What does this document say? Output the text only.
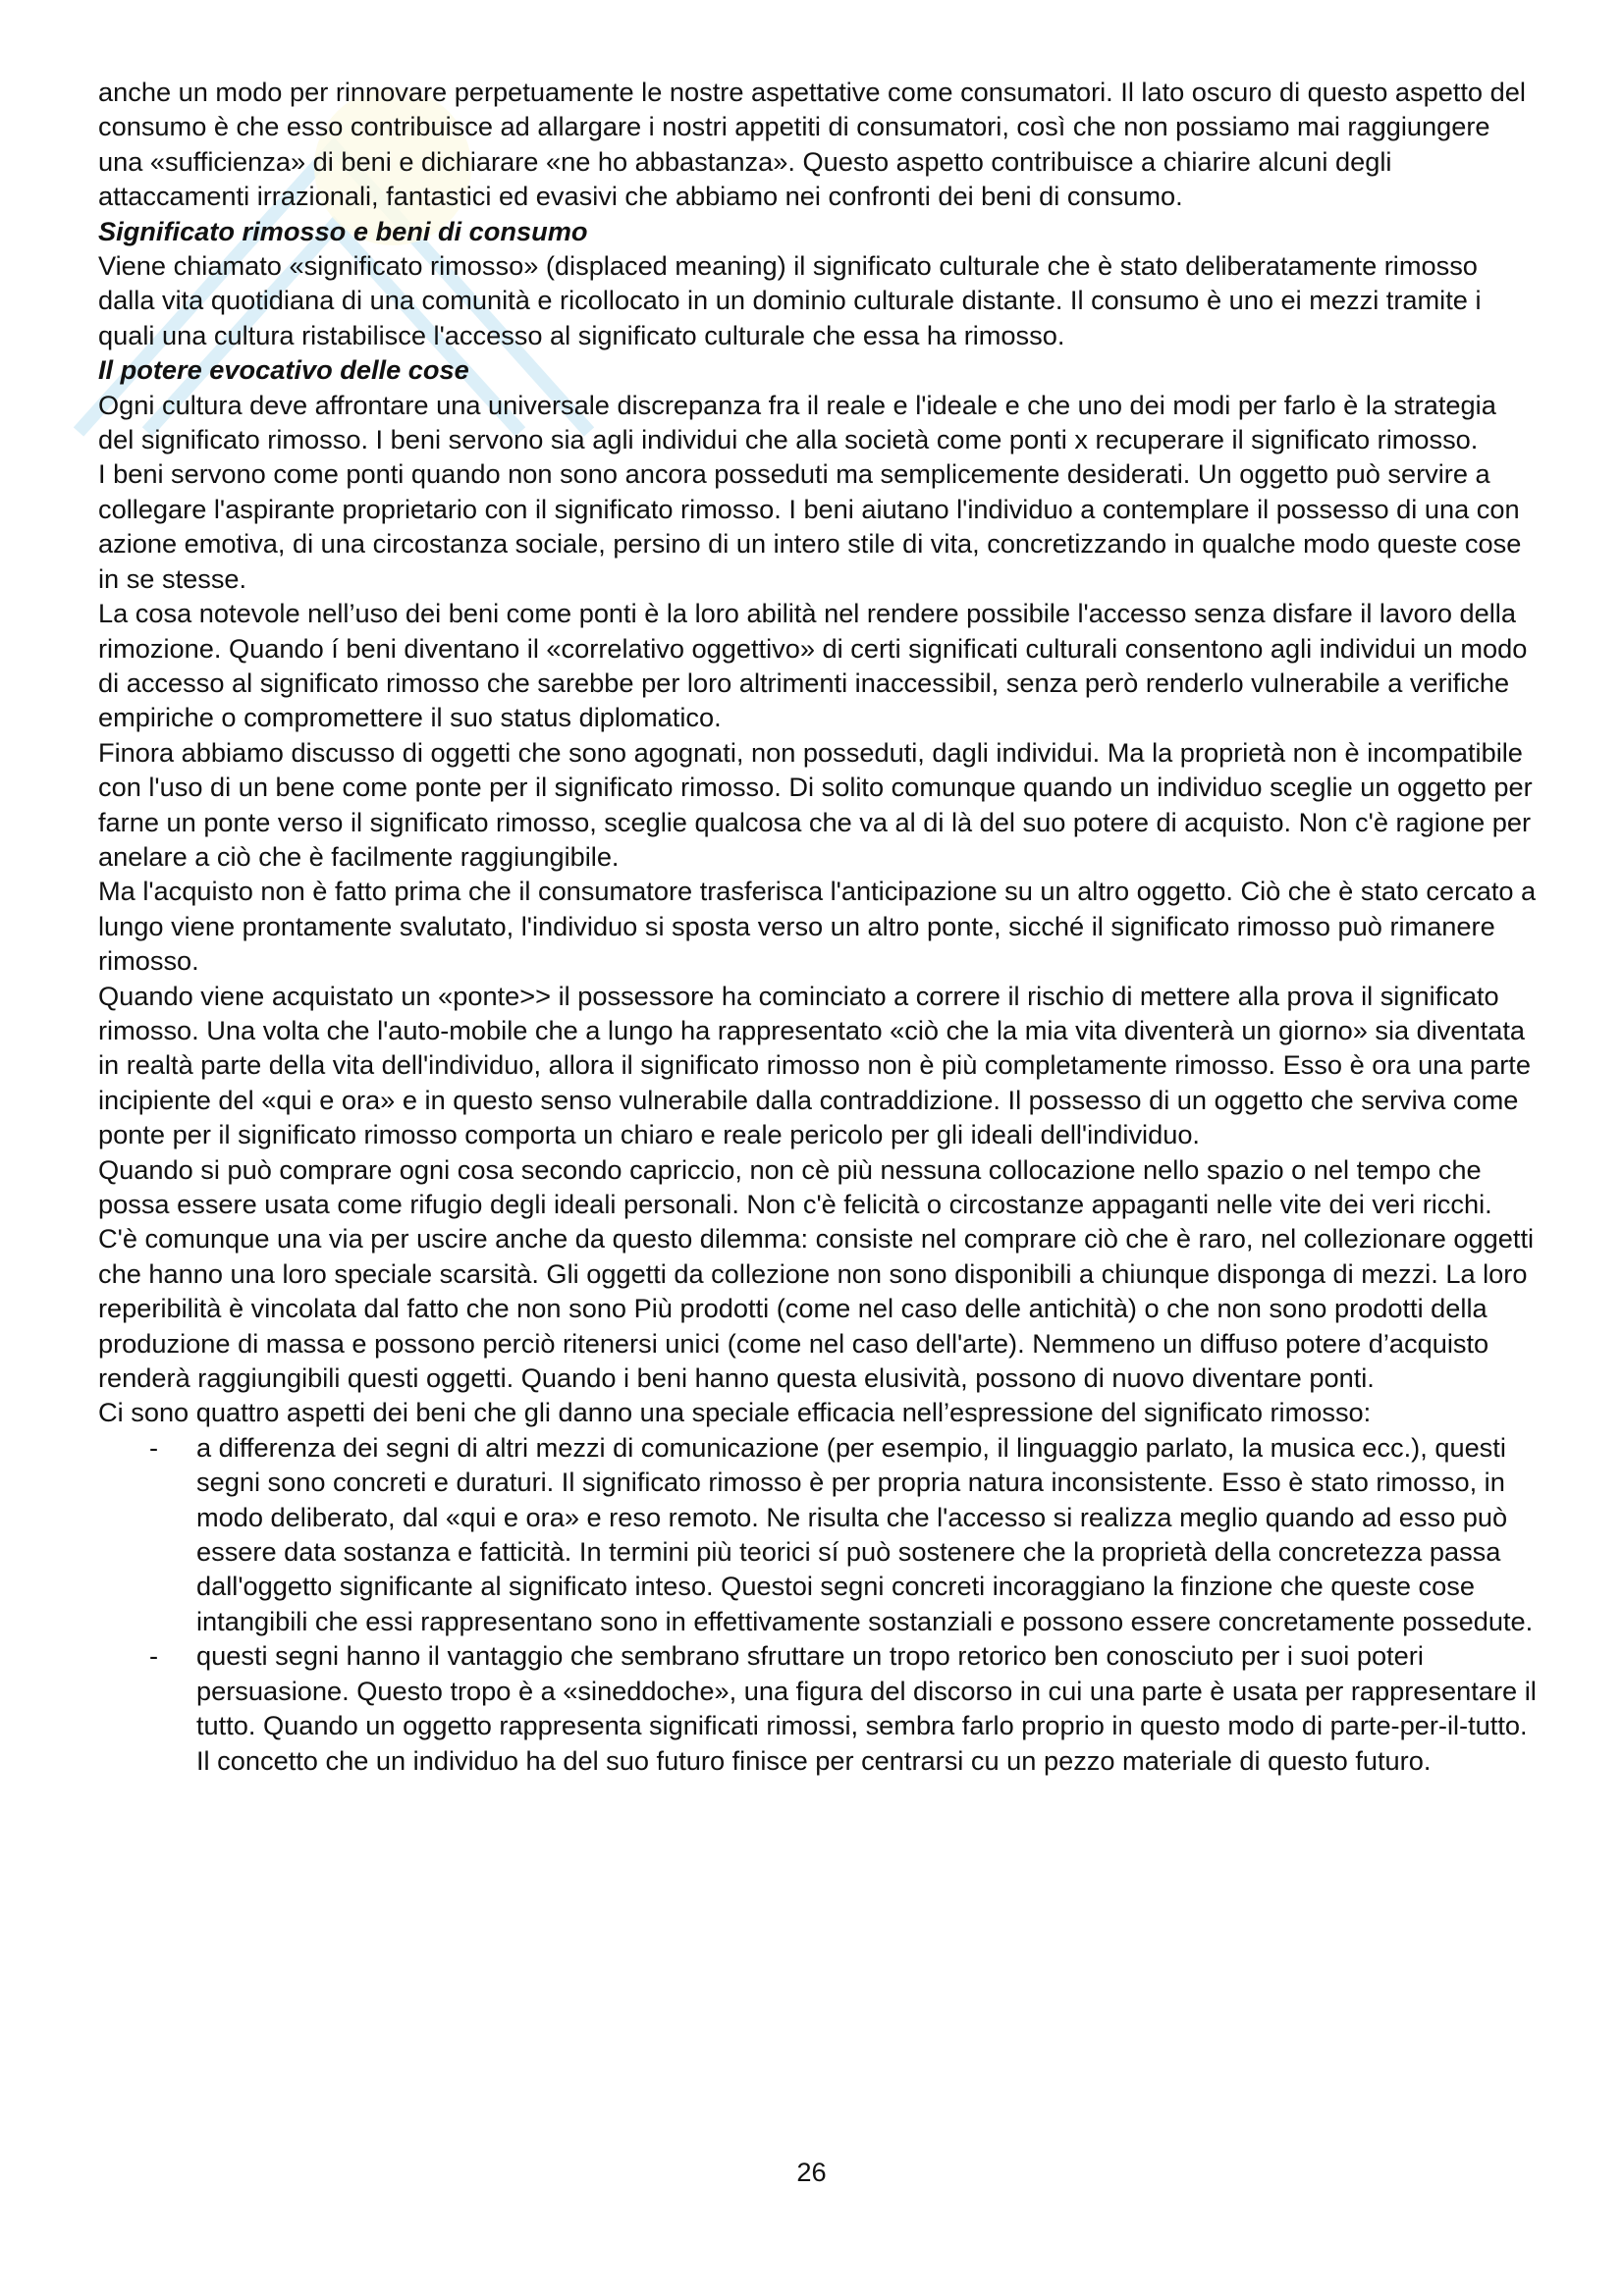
anche un modo per rinnovare perpetuamente le nostre aspettative come consumatori. Il lato oscuro di questo aspetto del consumo è che esso contribuisce ad allargare i nostri appetiti di consumatori, così che non possiamo mai raggiungere una «sufficienza» di beni e dichiarare «ne ho abbastanza». Questo aspetto contribuisce a chiarire alcuni degli attaccamenti irrazionali, fantastici ed evasivi che abbiamo nei confronti dei beni di consumo.

Significato rimosso e beni di consumo

Viene chiamato «significato rimosso» (displaced meaning) il significato culturale che è stato deliberatamente rimosso dalla vita quotidiana di una comunità e ricollocato in un dominio culturale distante. Il consumo è uno ei mezzi tramite i quali una cultura ristabilisce l'accesso al significato culturale che essa ha rimosso.

Il potere evocativo delle cose

Ogni cultura deve affrontare una universale discrepanza fra il reale e l'ideale e che uno dei modi per farlo è la strategia del significato rimosso. I beni servono sia agli individui che alla società come ponti x recuperare il significato rimosso.

I beni servono come ponti quando non sono ancora posseduti ma semplicemente desiderati. Un oggetto può servire a collegare l'aspirante proprietario con il significato rimosso. I beni aiutano l'individuo a contemplare il possesso di una con azione emotiva, di una circostanza sociale, persino di un intero stile di vita, concretizzando in qualche modo queste cose in se stesse.

La cosa notevole nell’uso dei beni come ponti è la loro abilità nel rendere possibile l'accesso senza disfare il lavoro della rimozione. Quando í beni diventano il «correlativo oggettivo» di certi significati culturali consentono agli individui un modo di accesso al significato rimosso che sarebbe per loro altrimenti inaccessibil, senza però renderlo vulnerabile a verifiche empiriche o compromettere il suo status diplomatico.

Finora abbiamo discusso di oggetti che sono agognati, non posseduti, dagli individui. Ma la proprietà non è incompatibile con l'uso di un bene come ponte per il significato rimosso. Di solito comunque quando un individuo sceglie un oggetto per farne un ponte verso il significato rimosso, sceglie qualcosa che va al di là del suo potere di acquisto. Non c'è ragione per anelare a ciò che è facilmente raggiungibile.

Ma l'acquisto non è fatto prima che il consumatore trasferisca l'anticipazione su un altro oggetto. Ciò che è stato cercato a lungo viene prontamente svalutato, l'individuo si sposta verso un altro ponte, sicché il significato rimosso può rimanere rimosso.

Quando viene acquistato un «ponte>> il possessore ha cominciato a correre il rischio di mettere alla prova il significato rimosso. Una volta che l'auto-mobile che a lungo ha rappresentato «ciò che la mia vita diventerà un giorno» sia diventata in realtà parte della vita dell'individuo, allora il significato rimosso non è più completamente rimosso. Esso è ora una parte incipiente del «qui e ora» e in questo senso vulnerabile dalla contraddizione. Il possesso di un oggetto che serviva come ponte per il significato rimosso comporta un chiaro e reale pericolo per gli ideali dell'individuo.

Quando si può comprare ogni cosa secondo capriccio, non cè più nessuna collocazione nello spazio o nel tempo che possa essere usata come rifugio degli ideali personali. Non c'è felicità o circostanze appaganti nelle vite dei veri ricchi. C'è comunque una via per uscire anche da questo dilemma: consiste nel comprare ciò che è raro, nel collezionare oggetti che hanno una loro speciale scarsità. Gli oggetti da collezione non sono disponibili a chiunque disponga di mezzi. La loro reperibilità è vincolata dal fatto che non sono Più prodotti (come nel caso delle antichità) o che non sono prodotti della produzione di massa e possono perciò ritenersi unici (come nel caso dell'arte). Nemmeno un diffuso potere d’acquisto renderà raggiungibili questi oggetti. Quando i beni hanno questa elusività, possono di nuovo diventare ponti.

Ci sono quattro aspetti dei beni che gli danno una speciale efficacia nell’espressione del significato rimosso:

- a differenza dei segni di altri mezzi di comunicazione (per esempio, il linguaggio parlato, la musica ecc.), questi segni sono concreti e duraturi. Il significato rimosso è per propria natura inconsistente. Esso è stato rimosso, in modo deliberato, dal «qui e ora» e reso remoto. Ne risulta che l'accesso si realizza meglio quando ad esso può essere data sostanza e fatticità. In termini più teorici sí può sostenere che la proprietà della concretezza passa dall'oggetto significante al significato inteso. Questoi segni concreti incoraggiano la finzione che queste cose intangibili che essi rappresentano sono in effettivamente sostanziali e possono essere concretamente possedute.
- questi segni hanno il vantaggio che sembrano sfruttare un tropo retorico ben conosciuto per i suoi poteri persuasione. Questo tropo è a «sineddoche», una figura del discorso in cui una parte è usata per rappresentare il tutto. Quando un oggetto rappresenta significati rimossi, sembra farlo proprio in questo modo di parte-per-il-tutto. Il concetto che un individuo ha del suo futuro finisce per centrarsi cu un pezzo materiale di questo futuro.
26
